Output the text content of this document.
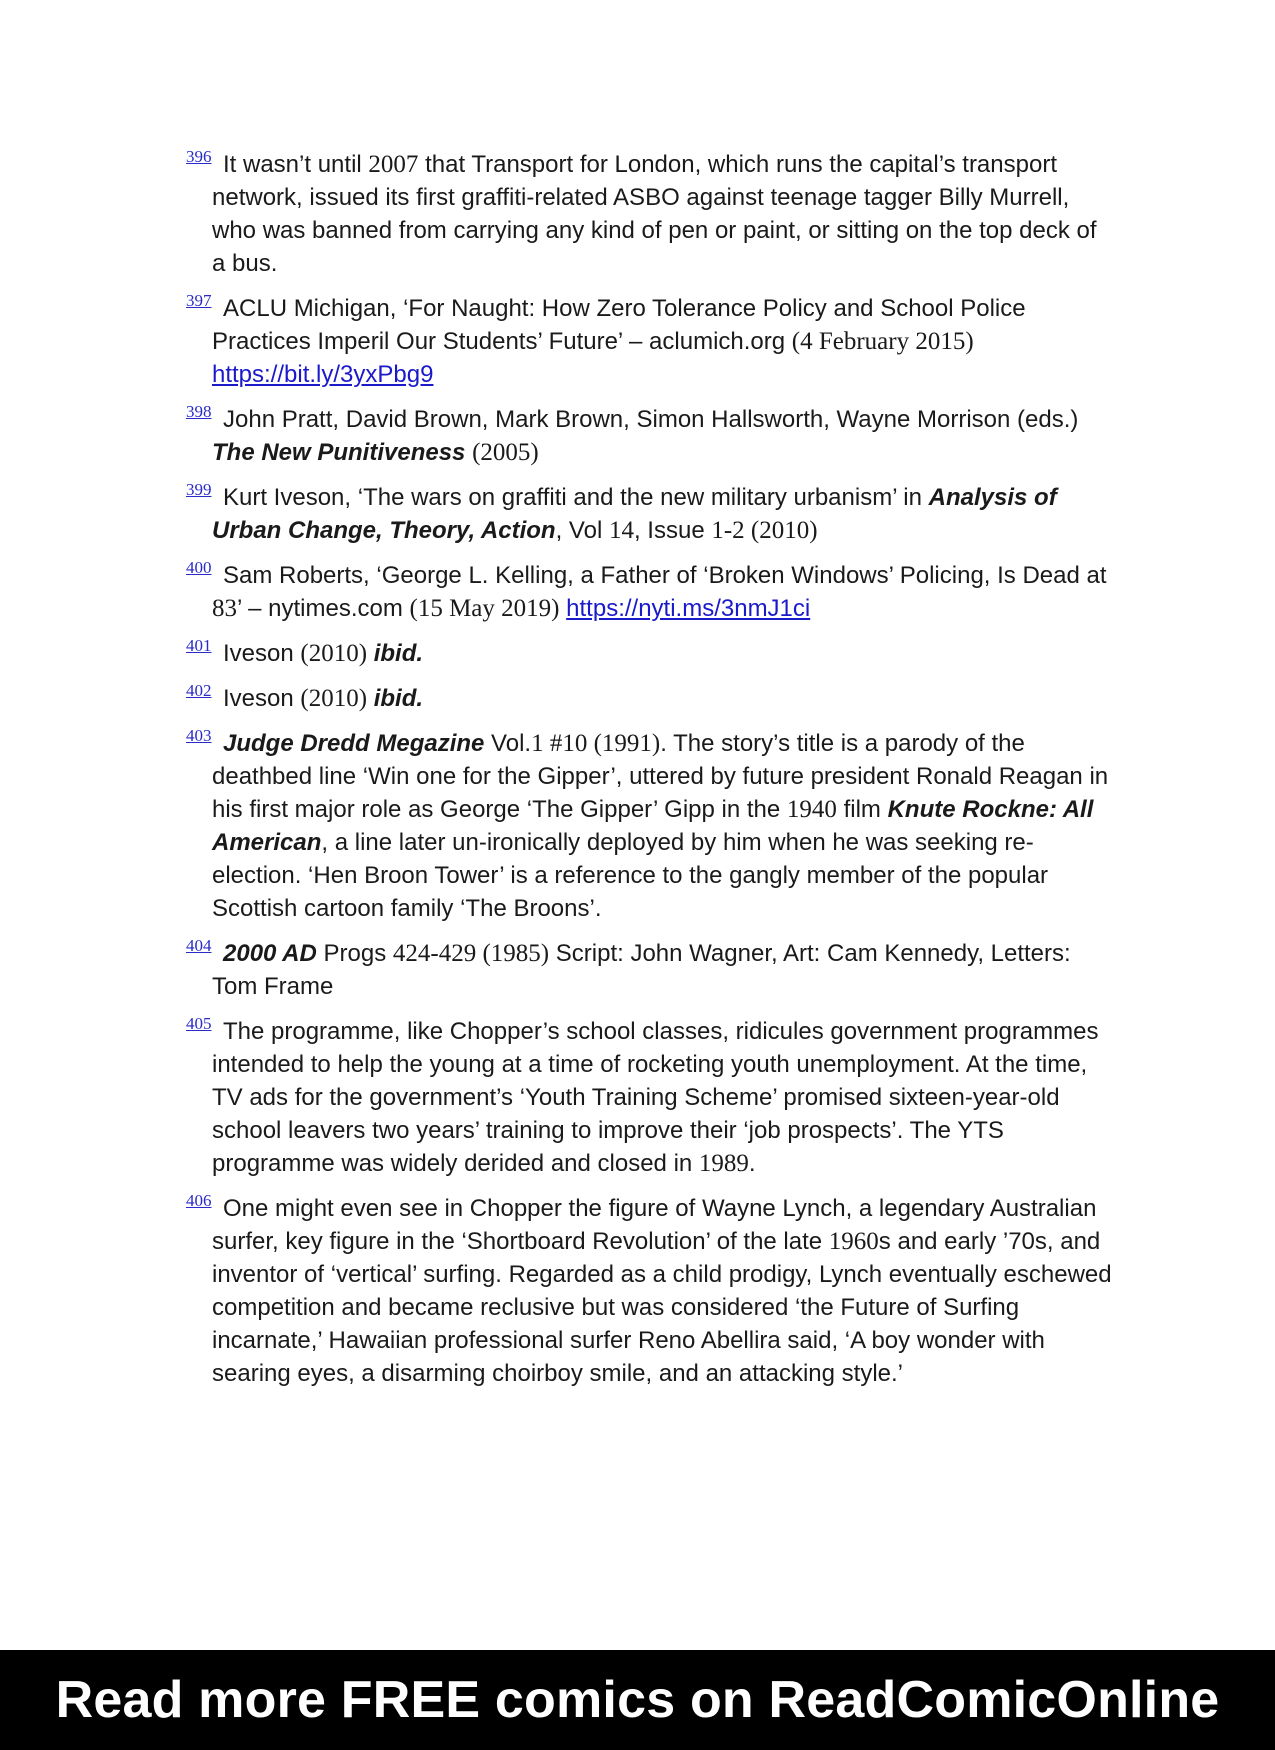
396 It wasn’t until 2007 that Transport for London, which runs the capital’s transport network, issued its first graffiti-related ASBO against teenage tagger Billy Murrell, who was banned from carrying any kind of pen or paint, or sitting on the top deck of a bus.
397 ACLU Michigan, ‘For Naught: How Zero Tolerance Policy and School Police Practices Imperil Our Students’ Future’ – aclumich.org (4 February 2015) https://bit.ly/3yxPbg9
398 John Pratt, David Brown, Mark Brown, Simon Hallsworth, Wayne Morrison (eds.) The New Punitiveness (2005)
399 Kurt Iveson, ‘The wars on graffiti and the new military urbanism’ in Analysis of Urban Change, Theory, Action, Vol 14, Issue 1-2 (2010)
400 Sam Roberts, ‘George L. Kelling, a Father of ‘Broken Windows’ Policing, Is Dead at 83’ – nytimes.com (15 May 2019) https://nyti.ms/3nmJ1ci
401 Iveson (2010) ibid.
402 Iveson (2010) ibid.
403 Judge Dredd Megazine Vol.1 #10 (1991). The story’s title is a parody of the deathbed line ‘Win one for the Gipper’, uttered by future president Ronald Reagan in his first major role as George ‘The Gipper’ Gipp in the 1940 film Knute Rockne: All American, a line later un-ironically deployed by him when he was seeking re-election. ‘Hen Broon Tower’ is a reference to the gangly member of the popular Scottish cartoon family ‘The Broons’.
404 2000 AD Progs 424-429 (1985) Script: John Wagner, Art: Cam Kennedy, Letters: Tom Frame
405 The programme, like Chopper’s school classes, ridicules government programmes intended to help the young at a time of rocketing youth unemployment. At the time, TV ads for the government’s ‘Youth Training Scheme’ promised sixteen-year-old school leavers two years’ training to improve their ‘job prospects’. The YTS programme was widely derided and closed in 1989.
406 One might even see in Chopper the figure of Wayne Lynch, a legendary Australian surfer, key figure in the ‘Shortboard Revolution’ of the late 1960s and early ’70s, and inventor of ‘vertical’ surfing. Regarded as a child prodigy, Lynch eventually eschewed competition and became reclusive but was considered ‘the Future of Surfing incarnate,’ Hawaiian professional surfer Reno Abellira said, ‘A boy wonder with searing eyes, a disarming choirboy smile, and an attacking style.’
Read more FREE comics on ReadComicOnline
